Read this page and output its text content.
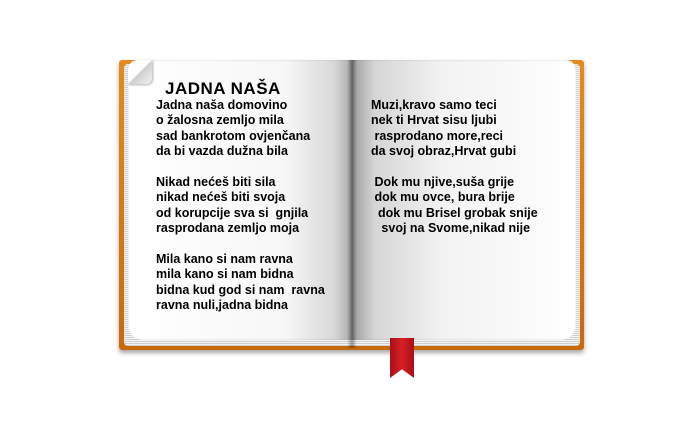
JADNA NAŠA
Jadna naša domovino
o žalosna zemljo mila
sad bankrotom ovjenčana
da bi vazda dužna bila
Nikad nećeš biti sila
nikad nećeš biti svoja
od korupcije sva si  gnjila
rasprodana zemljo moja
Mila kano si nam ravna
mila kano si nam bidna
bidna kud god si nam  ravna
ravna nuli,jadna bidna
Muzi,kravo samo teci
nek ti Hrvat sisu ljubi
rasprodano more,reci
da svoj obraz,Hrvat gubi
Dok mu njive,suša grije
dok mu ovce, bura brije
dok mu Brisel grobak snije
svoj na Svome,nikad nije
